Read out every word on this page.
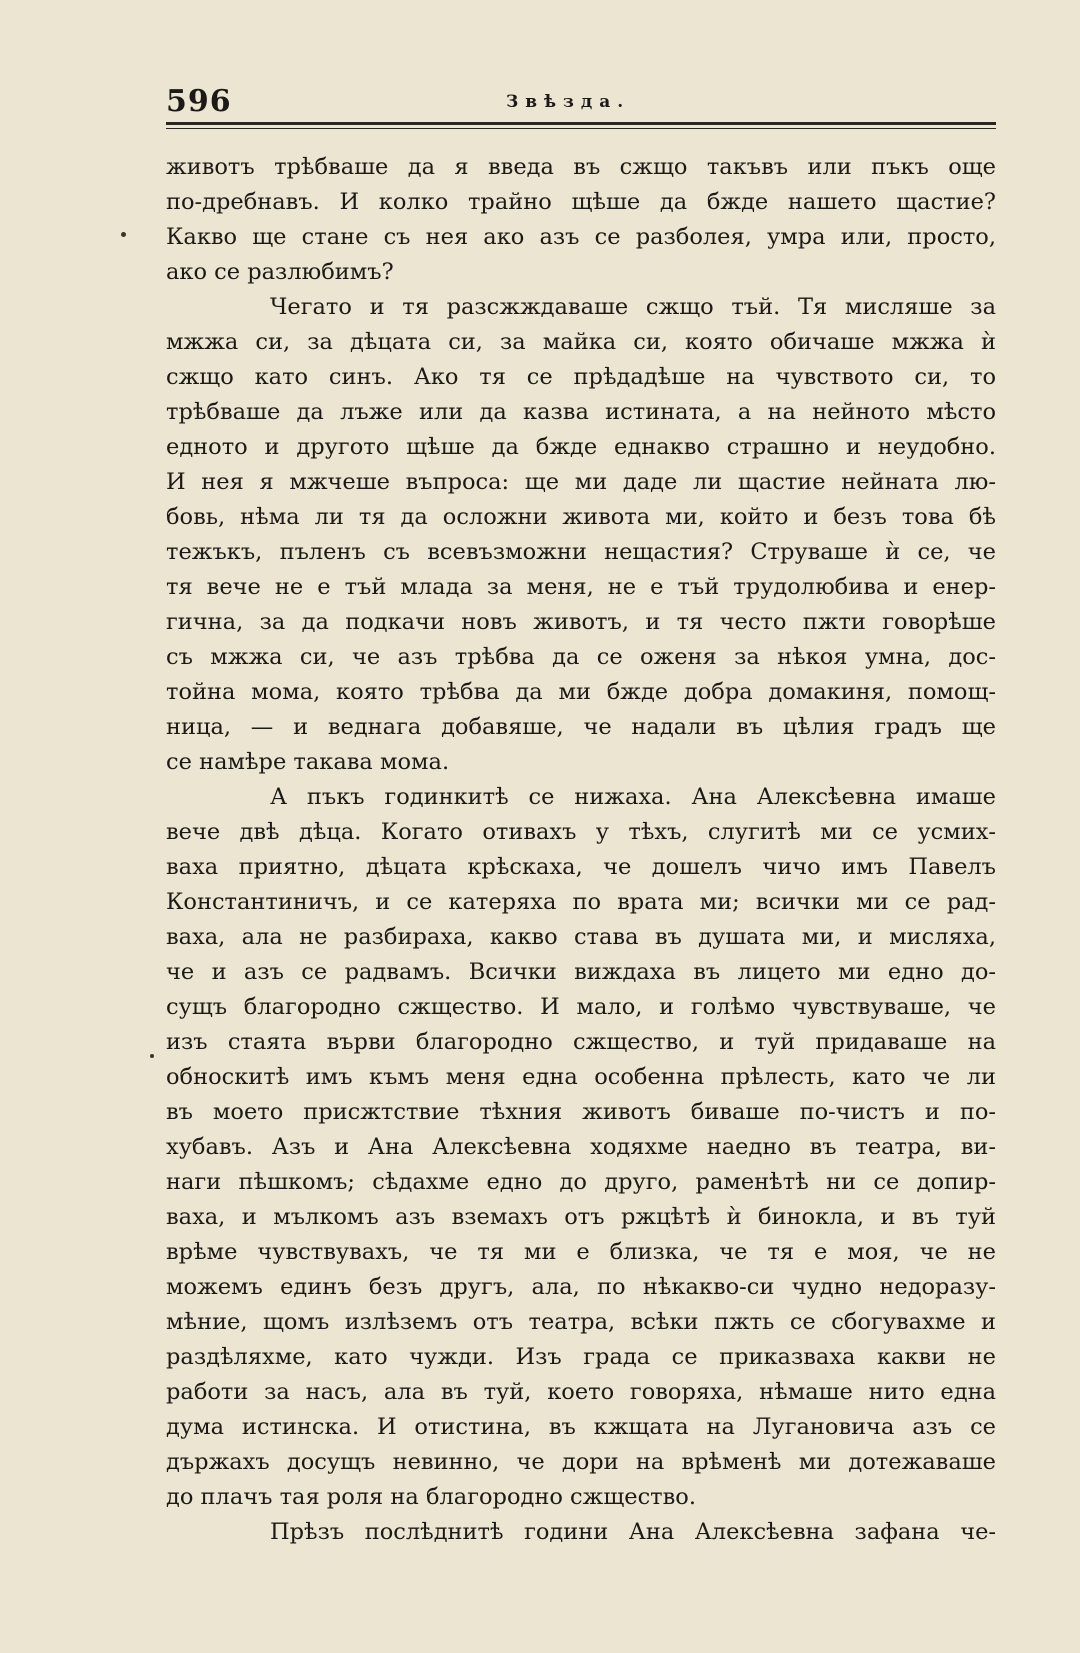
596	Звѣзда.
животъ трѣбваше да я введа въ сжщо такъвъ или пъкъ още
по-дребнавъ. И колко трайно щѣше да бжде нашето щастие?
Какво ще стане съ нея ако азъ се разболея, умра или, просто,
ако се разлюбимъ?
Чегато и тя разсжждаваше сжщо тъй. Тя мисляше за
мжжа си, за дѣцата си, за майка си, която обичаше мжжа ѝ
сжщо като синъ. Ако тя се прѣдадѣше на чувството си, то
трѣбваше да лъже или да казва истината, а на нейното мѣсто
едното и другото щѣше да бжде еднакво страшно и неудобно.
И нея я мжчеше въпроса: ще ми даде ли щастие нейната лю-
бовь, нѣма ли тя да осложни живота ми, който и безъ това бѣ
тежъкъ, пъленъ съ всевъзможни нещастия? Струваше ѝ се, че
тя вече не е тъй млада за меня, не е тъй трудолюбива и енер-
гична, за да подкачи новъ животъ, и тя често пжти говорѣше
съ мжжа си, че азъ трѣбва да се оженя за нѣкоя умна, дос-
тойна мома, която трѣбва да ми бжде добра домакиня, помощ-
ница, — и веднага добавяше, че надали въ цѣлия градъ ще
се намѣре такава мома.
А пъкъ годинкитѣ се нижаха. Ана Алексѣевна имаше
вече двѣ дѣца. Когато отивахъ у тѣхъ, слугитѣ ми се усмих-
ваха приятно, дѣцата крѣскаха, че дошелъ чичо имъ Павелъ
Константиничъ, и се катеряха по врата ми; всички ми се рад-
ваха, ала не разбираха, какво става въ душата ми, и мисляха,
че и азъ се радвамъ. Всички виждаха въ лицето ми едно до-
сущъ благородно сжщество. И мало, и голѣмо чувствуваше, че
изъ стаята върви благородно сжщество, и туй придаваше на
обноскитѣ имъ къмъ меня една особенна прѣлесть, като че ли
въ моето присжтствие тѣхния животъ биваше по-чистъ и по-
хубавъ. Азъ и Ана Алексѣевна ходяхме наедно въ театра, ви-
наги пѣшкомъ; сѣдахме едно до друго, раменѣтѣ ни се допир-
ваха, и мълкомъ азъ вземахъ отъ ржцѣтѣ ѝ бинокла, и въ туй
врѣме чувствувахъ, че тя ми е близка, че тя е моя, че не
можемъ единъ безъ другъ, ала, по нѣкакво-си чудно недоразу-
мѣние, щомъ излѣземъ отъ театра, всѣки пжть се сбогувахме и
раздѣляхме, като чужди. Изъ града се приказваха какви не
работи за насъ, ала въ туй, което говоряха, нѣмаше нито една
дума истинска. И отистина, въ кжщата на Лугановича азъ се
държахъ досущъ невинно, че дори на врѣменѣ ми дотежаваше
до плачъ тая роля на благородно сжщество.
Прѣзъ послѣднитѣ години Ана Алексѣевна зафана че-
